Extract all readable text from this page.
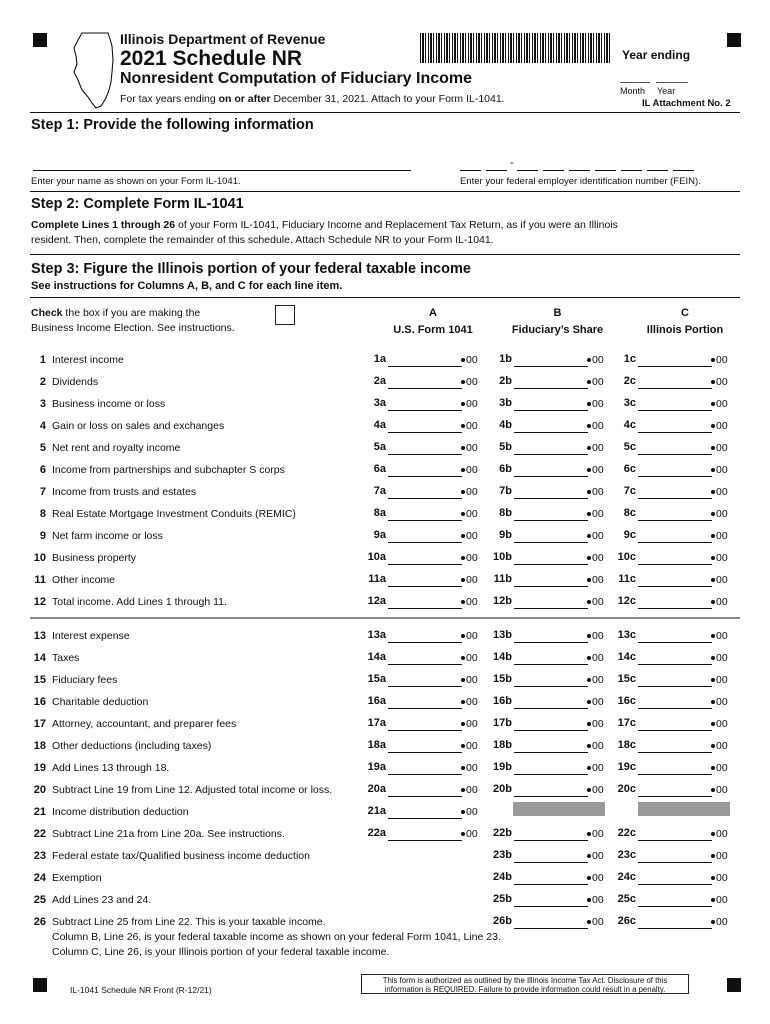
Illinois Department of Revenue
2021 Schedule NR
Nonresident Computation of Fiduciary Income
For tax years ending on or after December 31, 2021. Attach to your Form IL-1041.
Year ending
Month Year
IL Attachment No. 2
Step 1: Provide the following information
Enter your name as shown on your Form IL-1041.
-
Enter your federal employer identification number (FEIN).
Step 2: Complete Form IL-1041
Complete Lines 1 through 26 of your Form IL-1041, Fiduciary Income and Replacement Tax Return, as if you were an Illinois
resident. Then, complete the remainder of this schedule. Attach Schedule NR to your Form IL-1041.
Step 3: Figure the Illinois portion of your federal taxable income
See instructions for Columns A, B, and C for each line item.
Check the box if you are making the
Business Income Election. See instructions.
A
U.S. Form 1041
B
Fiduciary’s Share
C
Illinois Portion
1 Interest income	1a	00	1b	00	1c	00
2 Dividends	2a	00	2b	00	2c	00
3 Business income or loss	3a	00	3b	00	3c	00
4 Gain or loss on sales and exchanges	4a	00	4b	00	4c	00
5 Net rent and royalty income	5a	00	5b	00	5c	00
6 Income from partnerships and subchapter S corps	6a	00	6b	00	6c	00
7 Income from trusts and estates	7a	00	7b	00	7c	00
8 Real Estate Mortgage Investment Conduits (REMIC)	8a	00	8b	00	8c	00
9 Net farm income or loss	9a	00	9b	00	9c	00
10 Business property	10a	00	10b	00	10c	00
11 Other income	11a	00	11b	00	11c	00
12 Total income. Add Lines 1 through 11.	12a	00	12b	00	12c	00
13 Interest expense	13a	00	13b	00	13c	00
14 Taxes	14a	00	14b	00	14c	00
15 Fiduciary fees	15a	00	15b	00	15c	00
16 Charitable deduction	16a	00	16b	00	16c	00
17 Attorney, accountant, and preparer fees	17a	00	17b	00	17c	00
18 Other deductions (including taxes)	18a	00	18b	00	18c	00
19 Add Lines 13 through 18.	19a	00	19b	00	19c	00
20 Subtract Line 19 from Line 12. Adjusted total income or loss.	20a	00	20b	00	20c	00
21 Income distribution deduction	21a	00
22 Subtract Line 21a from Line 20a. See instructions.	22a	00	22b	00	22c	00
23 Federal estate tax/Qualified business income deduction	23b	00	23c	00
24 Exemption	24b	00	24c	00
25 Add Lines 23 and 24.	25b	00	25c	00
26 Subtract Line 25 from Line 22. This is your taxable income.	26b	00	26c	00
Column B, Line 26, is your federal taxable income as shown on your federal Form 1041, Line 23.
Column C, Line 26, is your Illinois portion of your federal taxable income.
IL-1041 Schedule NR Front (R-12/21)
This form is authorized as outlined by the Illinois Income Tax Act. Disclosure of this
information is REQUIRED. Failure to provide information could result in a penalty.
